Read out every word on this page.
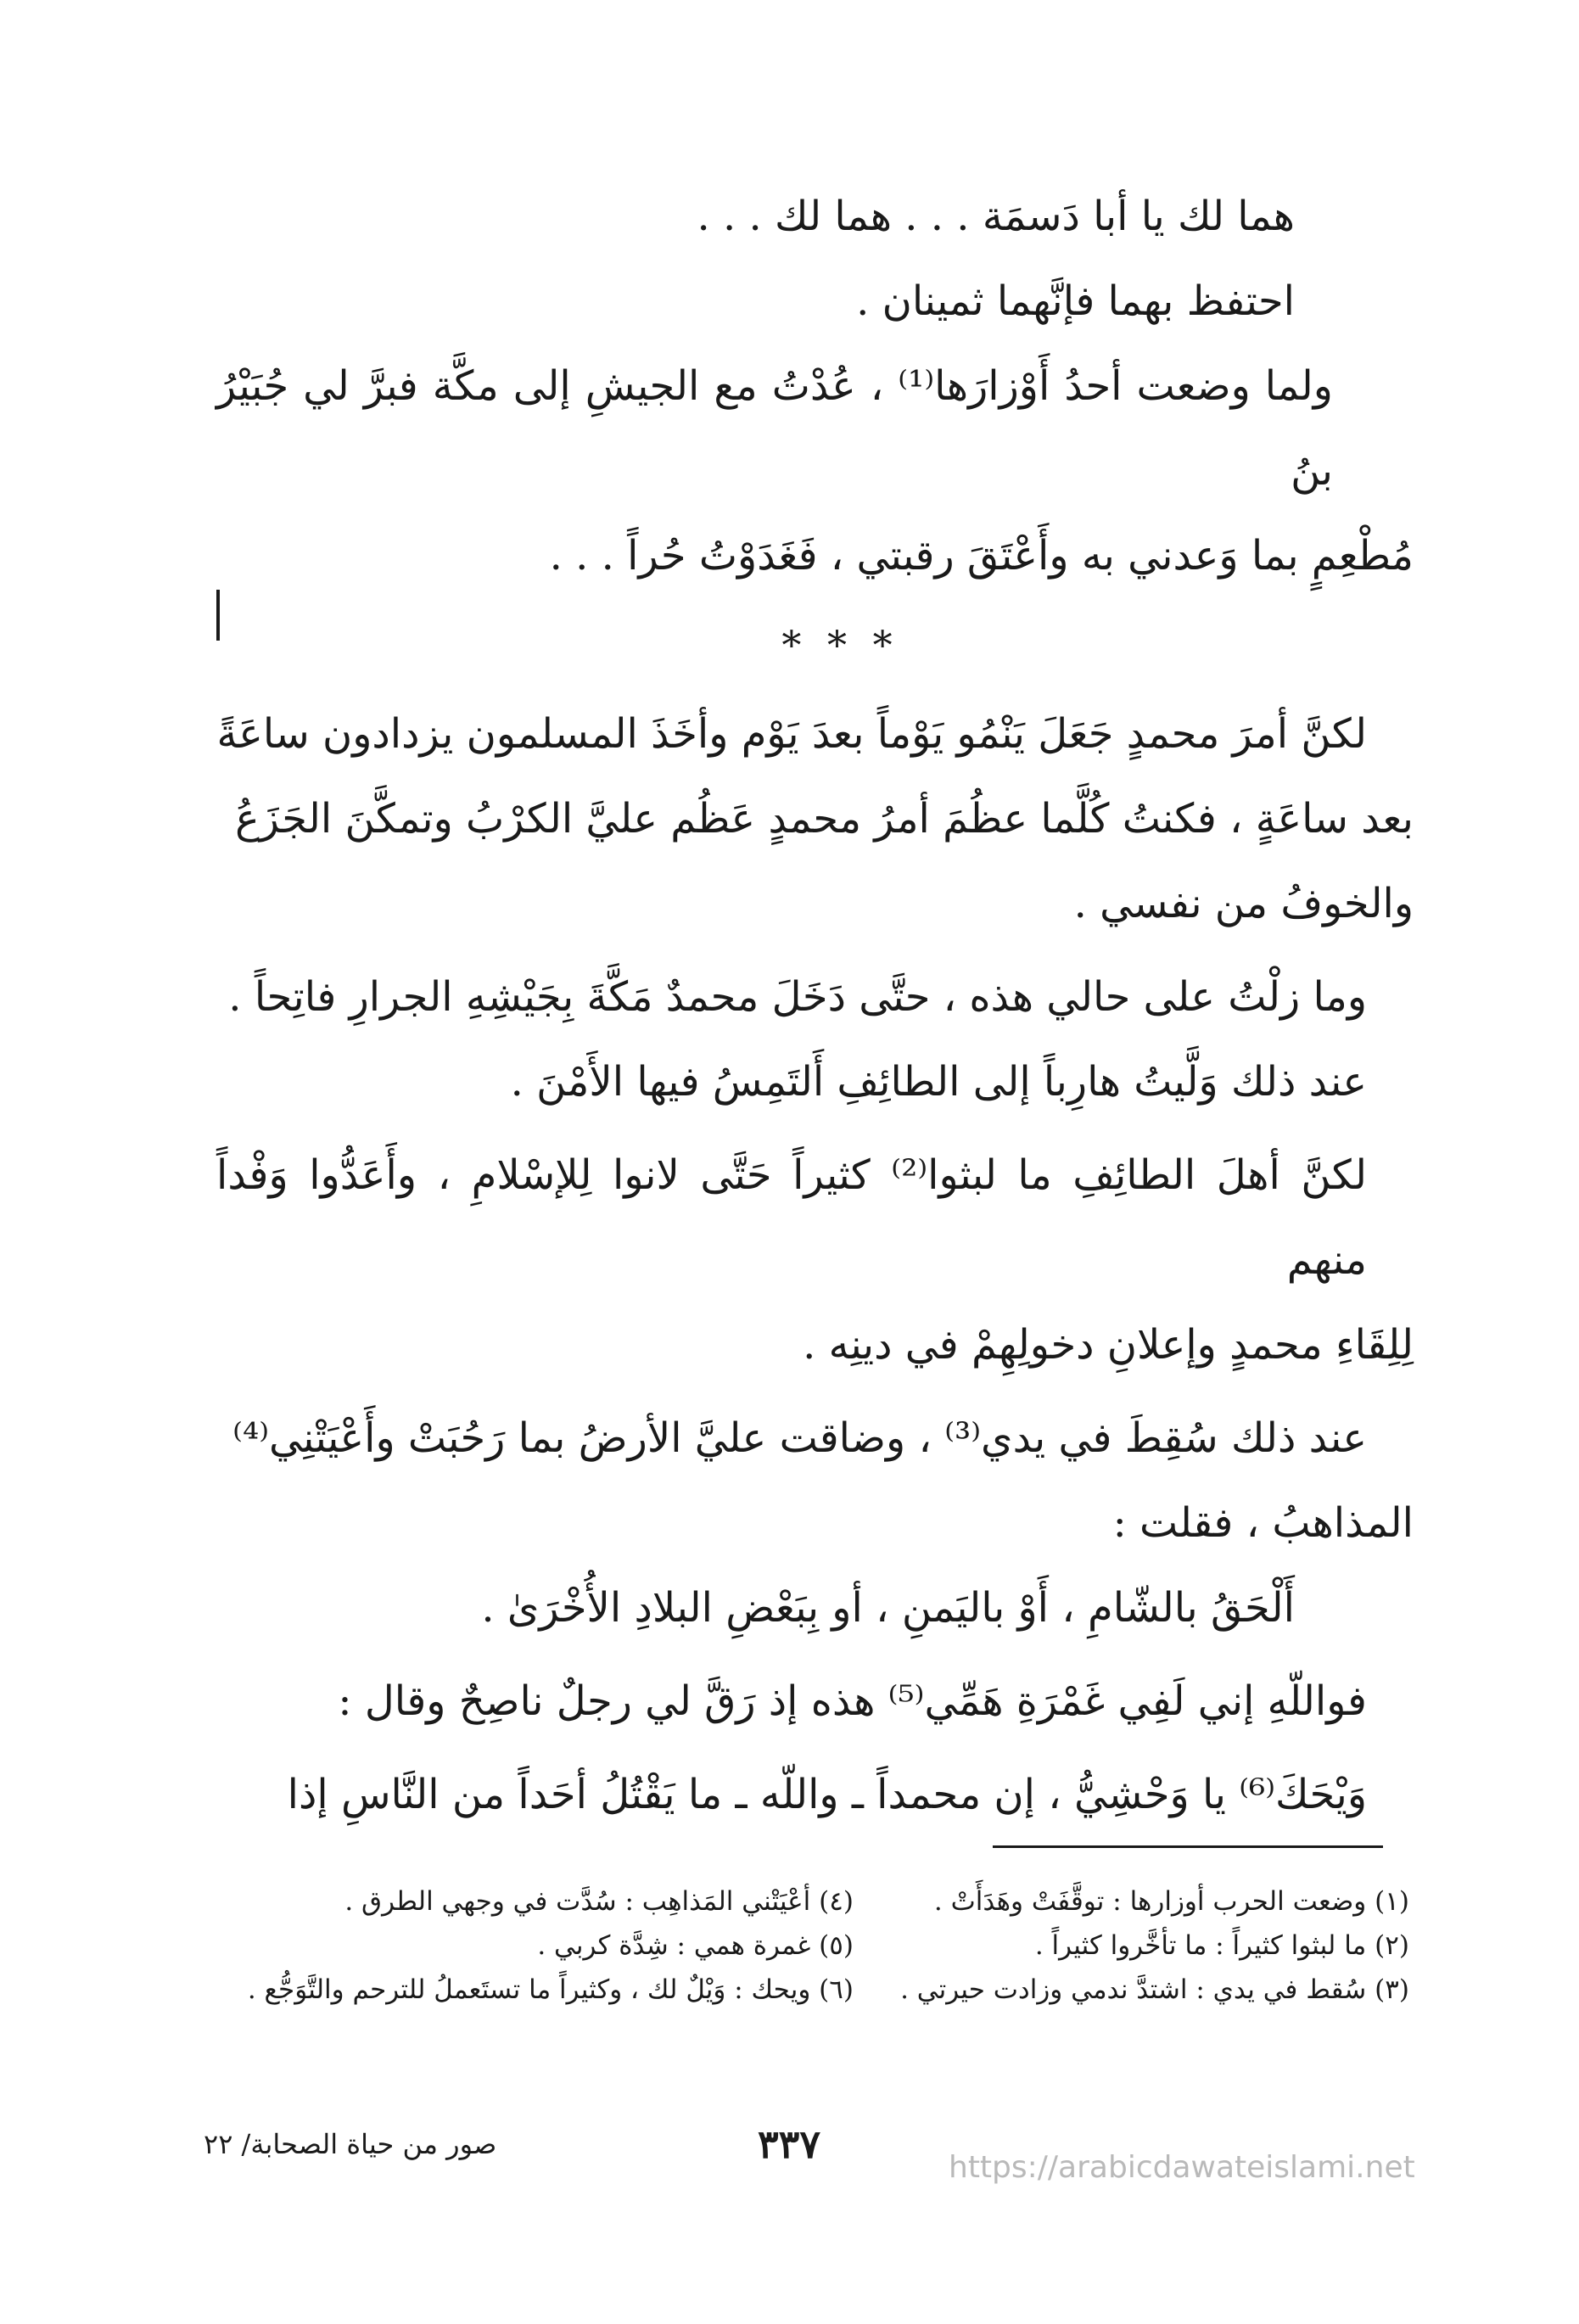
هما لك يا أبا دَسمَة . . . هما لك . . .

احتفظ بهما فإنَّهما ثمينان .

ولما وضعت أحدُ أَوْزارَها⁽¹⁾ ، عُدْتُ مع الجيشِ إلى مكَّة فبرَّ لي جُبَيْرُ بنُ

مُطْعِمٍ بما وَعدني به وأَعْتَقَ رقبتي ، فَغَدَوْتُ حُراً . . .

* * *

لكنَّ أمرَ محمدٍ جَعَلَ يَنْمُو يَوْماً بعدَ يَوْم وأخَذَ المسلمون يزدادون ساعَةً

بعد ساعَةٍ ، فكنتُ كُلَّما عظُمَ أمرُ محمدٍ عَظُم عليَّ الكرْبُ وتمكَّنَ الجَزَعُ

والخوفُ من نفسي .

وما زلْتُ على حالي هذه ، حتَّى دَخَلَ محمدٌ مَكَّةَ بِجَيْشِهِ الجرارِ فاتِحاً .

عند ذلك وَلَّيتُ هارِباً إلى الطائِفِ أَلتَمِسُ فيها الأَمْنَ .

لكنَّ أهلَ الطائِفِ ما لبثوا⁽²⁾ كثيراً حَتَّى لانوا لِلإسْلامِ ، وأَعَدُّوا وَفْداً منهم

لِلِقَاءِ محمدٍ وإعلانِ دخولِهِمْ في دينِه .

عند ذلك سُقِطَ في يدي⁽³⁾ ، وضاقت عليَّ الأرضُ بما رَحُبَتْ وأَعْيَتْنِي⁽⁴⁾

المذاهبُ ، فقلت :

أَلْحَقُ بالشّامِ ، أَوْ باليَمنِ ، أو بِبَعْضِ البلادِ الأُخْرَىٰ .

فواللّهِ إني لَفِي غَمْرَةِ هَمِّي⁽⁵⁾ هذه إذ رَقَّ لي رجلٌ ناصِحٌ وقال :

وَيْحَكَ⁽⁶⁾ يا وَحْشِيُّ ، إن محمداً ـ واللّه ـ ما يَقْتُلُ أحَداً من النَّاسِ إذا

(١) وضعت الحرب أوزارها : توقَّفَتْ وهَدَأَتْ .
(٤) أعْيَتْني المَذاهِب : سُدَّت في وجهي الطرق .
(٢) ما لبثوا كثيراً : ما تأخَّروا كثيراً .
(٥) غمرة همي : شِدَّة كربي .
(٣) سُقط في يدي : اشتدَّ ندمي وزادت حيرتي .
(٦) ويحك : وَيْلٌ لك ، وكثيراً ما تستَعملُ للترحم والتَّوَجُّع .
صور من حياة الصحابة/ ٢٢	٣٣٧
https://arabicdawateislami.net
